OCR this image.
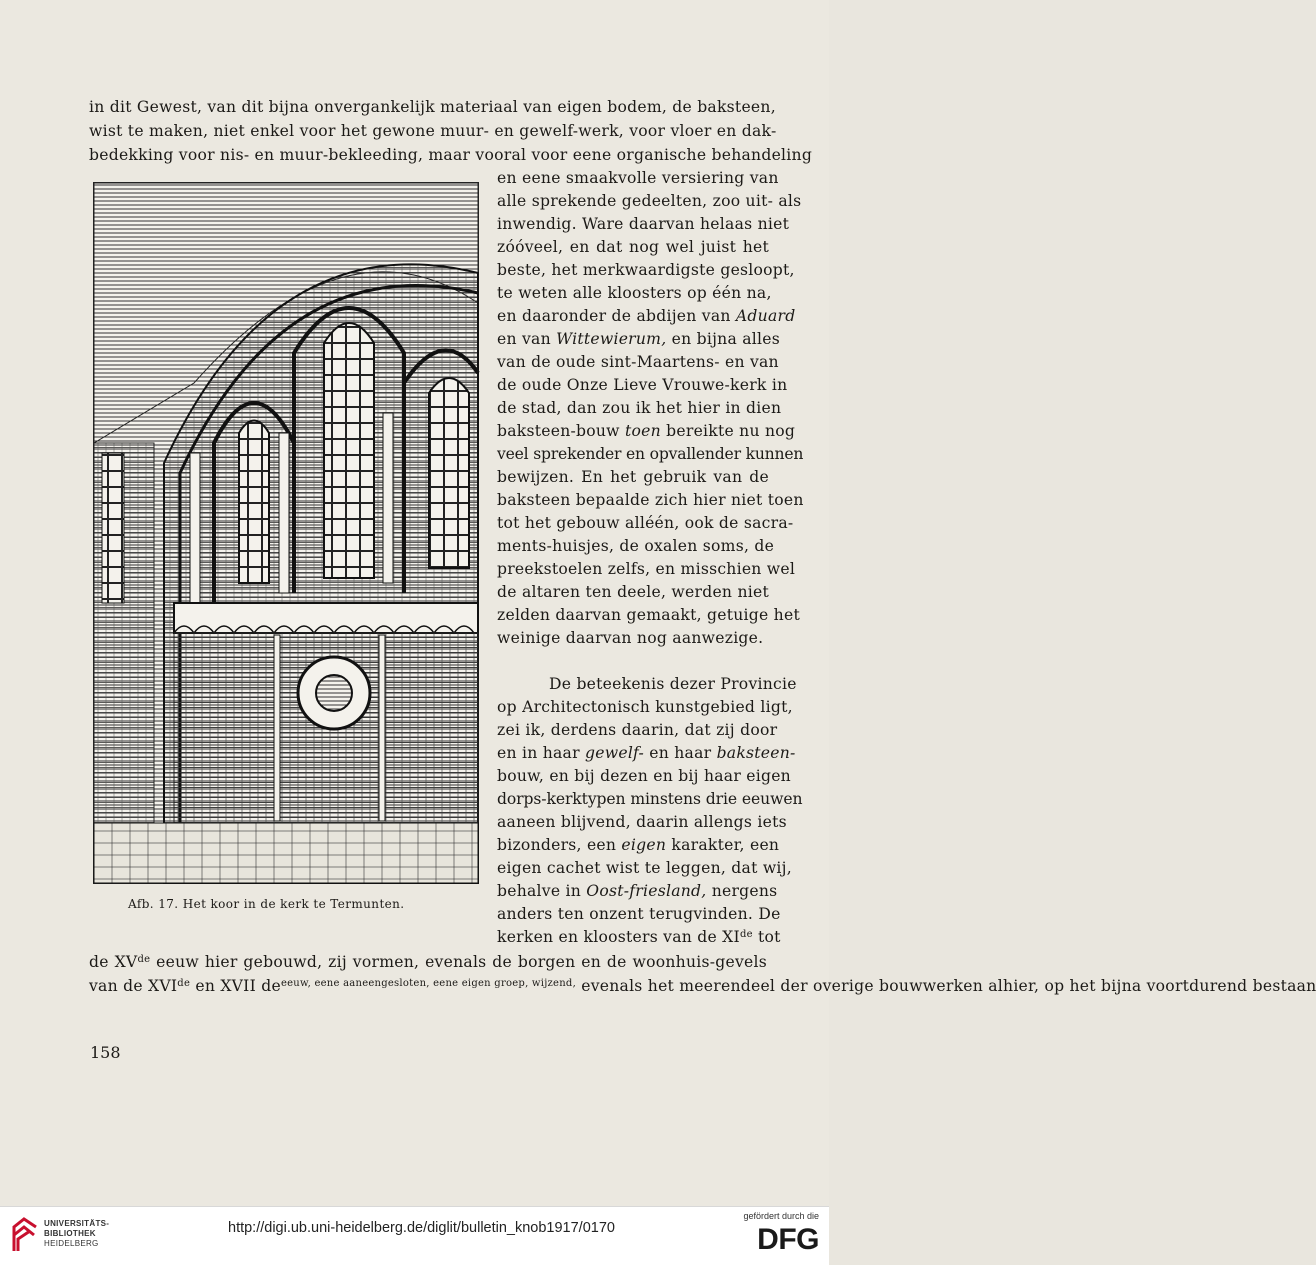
in dit Gewest, van dit bijna onvergankelijk materiaal van eigen bodem, de baksteen,
wist te maken, niet enkel voor het gewone muur- en gewelf-werk, voor vloer en dak-
bedekking voor nis- en muur-bekleeding, maar vooral voor eene organische behandeling
en eene smaakvolle versiering van
alle sprekende gedeelten, zoo uit- als
inwendig. Ware daarvan helaas niet
zóóveel, en dat nog wel juist het
beste, het merkwaardigste gesloopt,
te weten alle kloosters op één na,
en daaronder de abdijen van Aduard
en van Wittewierum, en bijna alles
van de oude sint-Maartens- en van
de oude Onze Lieve Vrouwe-kerk in
de stad, dan zou ik het hier in dien
baksteen-bouw toen bereikte nu nog
veel sprekender en opvallender kunnen
bewijzen. En het gebruik van de
baksteen bepaalde zich hier niet toen
tot het gebouw alléén, ook de sacra-
ments-huisjes, de oxalen soms, de
preekstoelen zelfs, en misschien wel
de altaren ten deele, werden niet
zelden daarvan gemaakt, getuige het
weinige daarvan nog aanwezige.
De beteekenis dezer Provincie
op Architectonisch kunstgebied ligt,
zei ik, derdens daarin, dat zij door
en in haar gewelf- en haar baksteen-
bouw, en bij dezen en bij haar eigen
dorps-kerktypen minstens drie eeuwen
aaneen blijvend, daarin allengs iets
bizonders, een eigen karakter, een
eigen cachet wist te leggen, dat wij,
behalve in Oost-friesland, nergens
anders ten onzent terugvinden. De
kerken en kloosters van de XIde tot
de XVde eeuw hier gebouwd, zij vormen, evenals de borgen en de woonhuis-gevels
van de XVIde en XVII $de^{eeuw, eene aaneengesloten, eene eigen groep, wijzend,}$ evenals het meerendeel der overige bouwwerken alhier, op het bijna voortdurend bestaan
Afb. 17. Het koor in de kerk te Termunten.
158
UNIVERSITÄTS-
BIBLIOTHEK
HEIDELBERG
http://digi.ub.uni-heidelberg.de/diglit/bulletin_knob1917/0170
gefördert durch die
DFG
